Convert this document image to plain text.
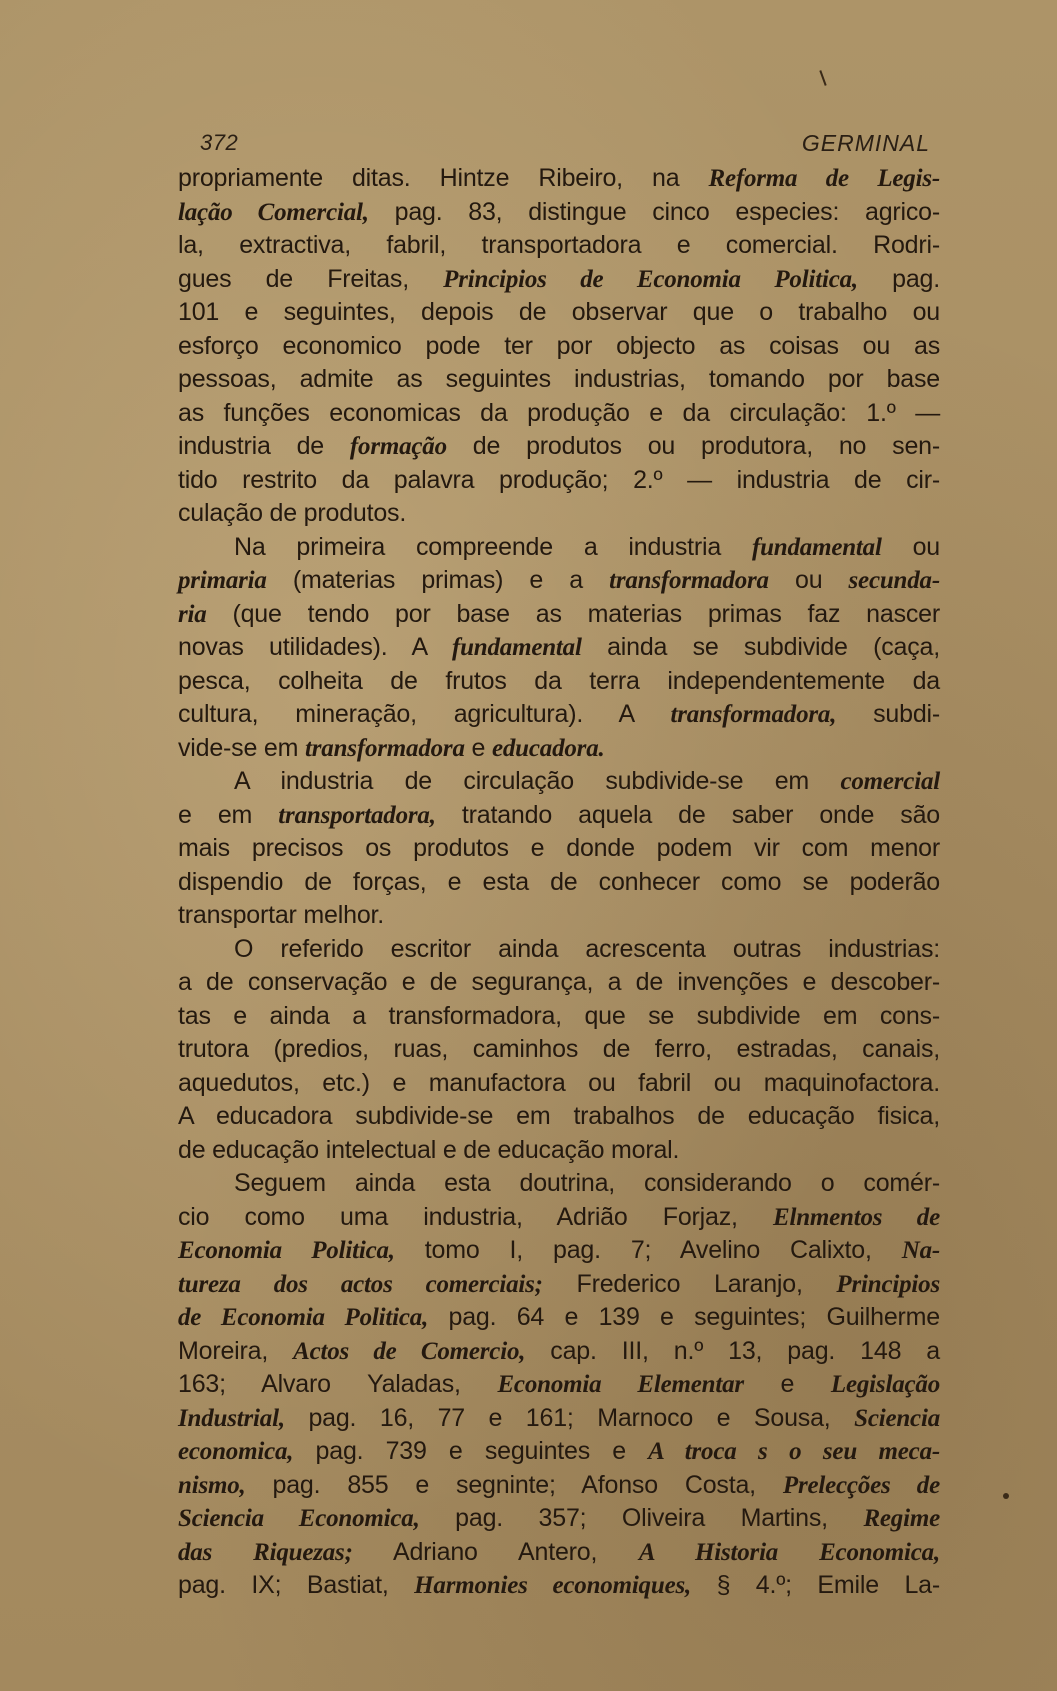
372	GERMINAL
propriamente ditas. Hintze Ribeiro, na Reforma de Legis-
lação Comercial, pag. 83, distingue cinco especies: agrico-
la, extractiva, fabril, transportadora e comercial. Rodri-
gues de Freitas, Principios de Economia Politica, pag.
101 e seguintes, depois de observar que o trabalho ou
esforço economico pode ter por objecto as coisas ou as
pessoas, admite as seguintes industrias, tomando por base
as funções economicas da produção e da circulação: 1.º —
industria de formação de produtos ou produtora, no sen-
tido restrito da palavra produção; 2.º — industria de cir-
culação de produtos.
Na primeira compreende a industria fundamental ou
primaria (materias primas) e a transformadora ou secunda-
ria (que tendo por base as materias primas faz nascer
novas utilidades). A fundamental ainda se subdivide (caça,
pesca, colheita de frutos da terra independentemente da
cultura, mineração, agricultura). A transformadora, subdi-
vide-se em transformadora e educadora.
A industria de circulação subdivide-se em comercial
e em transportadora, tratando aquela de saber onde são
mais precisos os produtos e donde podem vir com menor
dispendio de forças, e esta de conhecer como se poderão
transportar melhor.
O referido escritor ainda acrescenta outras industrias:
a de conservação e de segurança, a de invenções e descober-
tas e ainda a transformadora, que se subdivide em cons-
trutora (predios, ruas, caminhos de ferro, estradas, canais,
aquedutos, etc.) e manufactora ou fabril ou maquinofactora.
A educadora subdivide-se em trabalhos de educação fisica,
de educação intelectual e de educação moral.
Seguem ainda esta doutrina, considerando o comér-
cio como uma industria, Adrião Forjaz, Elnmentos de
Economia Politica, tomo I, pag. 7; Avelino Calixto, Na-
tureza dos actos comerciais; Frederico Laranjo, Principios
de Economia Politica, pag. 64 e 139 e seguintes; Guilherme
Moreira, Actos de Comercio, cap. III, n.º 13, pag. 148 a
163; Alvaro Yaladas, Economia Elementar e Legislação
Industrial, pag. 16, 77 e 161; Marnoco e Sousa, Sciencia
economica, pag. 739 e seguintes e A troca s o seu meca-
nismo, pag. 855 e segninte; Afonso Costa, Prelecções de
Sciencia Economica, pag. 357; Oliveira Martins, Regime
das Riquezas; Adriano Antero, A Historia Economica,
pag. IX; Bastiat, Harmonies economiques, § 4.º; Emile La-
